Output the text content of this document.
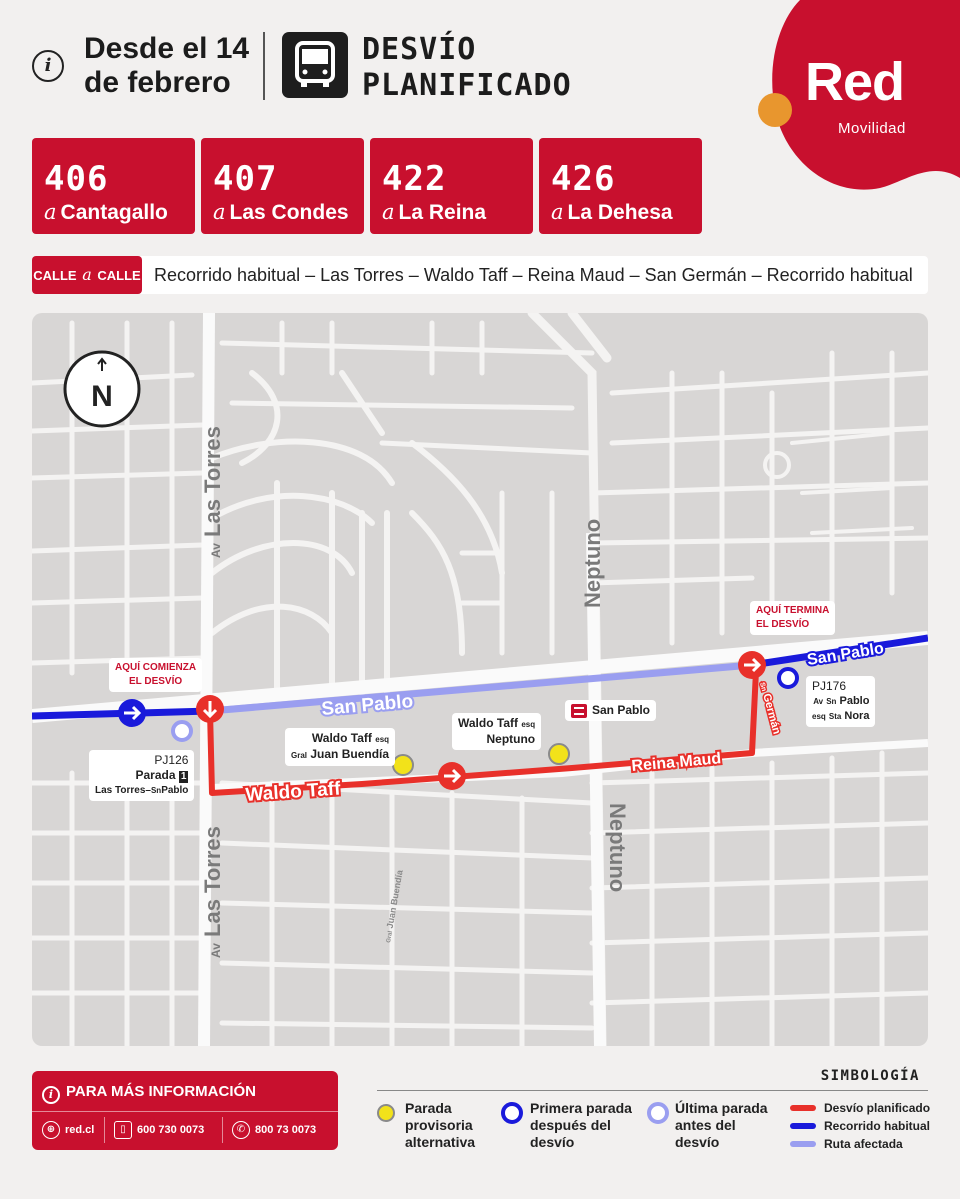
i
Desde el 14 de febrero
DESVÍO PLANIFICADO	Red
Movilidad
406
a Cantagallo
407
a Las Condes
422
a La Reina
426
a La Dehesa
CALLE a CALLE Recorrido habitual – Las Torres – Waldo Taff – Reina Maud – San Germán – Recorrido habitual
N
Av Las Torres
Av Las Torres
Neptuno
Neptuno
Gral Juan Buendía
San Pablo
San Pablo
Waldo Taff
Reina Maud
Sn Germán
AQUÍ COMIENZA
EL DESVÍO
AQUÍ TERMINA
EL DESVÍO
PJ126
Parada 1
Las Torres–SnPablo
PJ176
Av Sn Pablo
esq Sta Nora
Waldo Taff esq
Gral Juan Buendía
Waldo Taff esq
Neptuno
San Pablo
i PARA MÁS INFORMACIÓN
⊕ red.cl	▯ 600 730 0073	✆ 800 73 0073
SIMBOLOGÍA
Parada provisoria alternativa
Primera parada después del desvío
Última parada antes del desvío
Desvío planificado
Recorrido habitual
Ruta afectada
